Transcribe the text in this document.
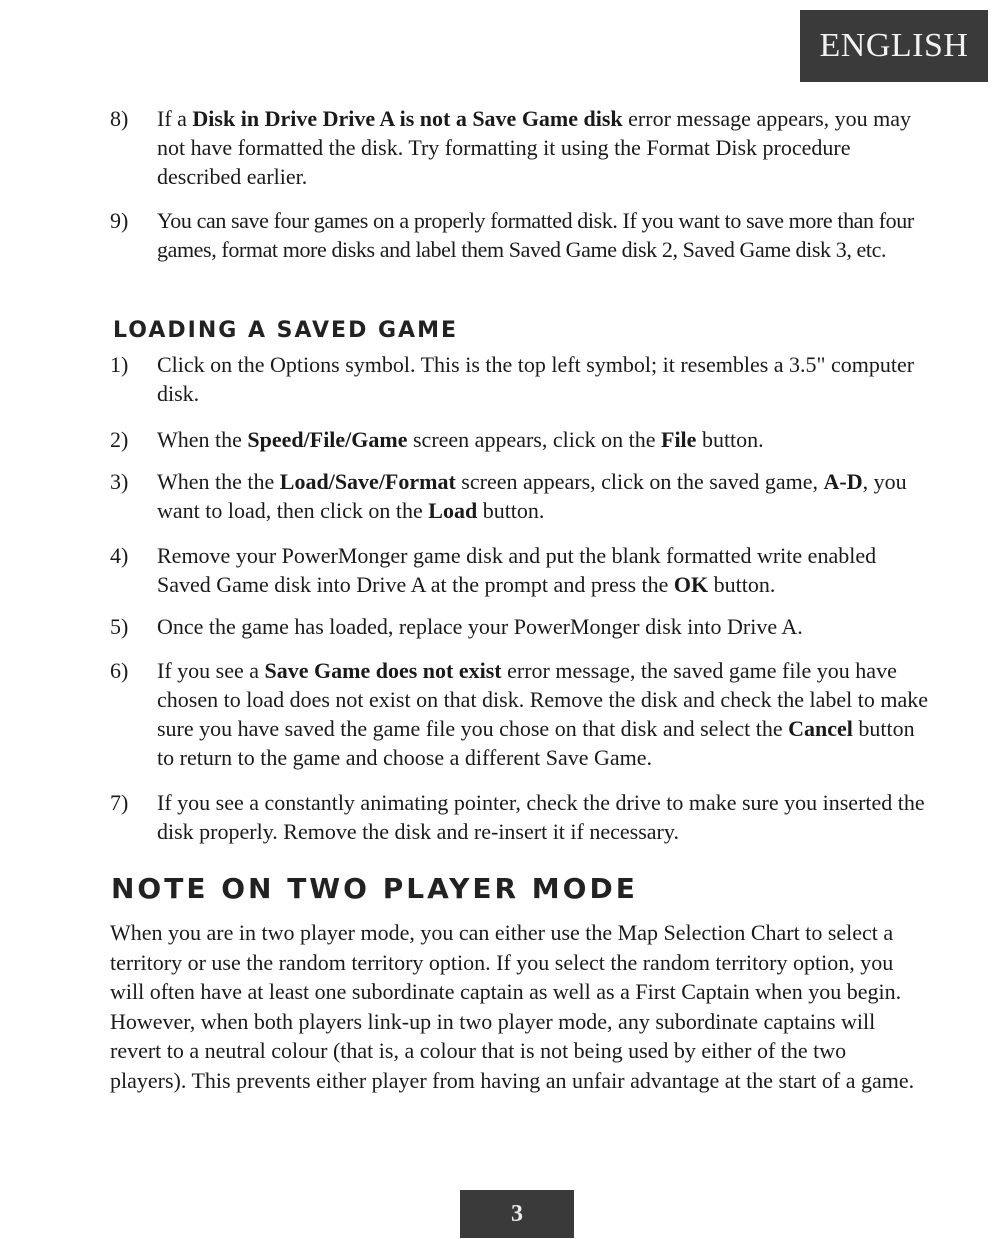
ENGLISH
8)	If a Disk in Drive Drive A is not a Save Game disk error message appears, you may not have formatted the disk. Try formatting it using the Format Disk procedure described earlier.
9)	You can save four games on a properly formatted disk. If you want to save more than four games, format more disks and label them Saved Game disk 2, Saved Game disk 3, etc.
LOADING A SAVED GAME
1)	Click on the Options symbol. This is the top left symbol; it resembles a 3.5" computer disk.
2)	When the Speed/File/Game screen appears, click on the File button.
3)	When the the Load/Save/Format screen appears, click on the saved game, A-D, you want to load, then click on the Load button.
4)	Remove your PowerMonger game disk and put the blank formatted write enabled Saved Game disk into Drive A at the prompt and press the OK button.
5)	Once the game has loaded, replace your PowerMonger disk into Drive A.
6)	If you see a Save Game does not exist error message, the saved game file you have chosen to load does not exist on that disk. Remove the disk and check the label to make sure you have saved the game file you chose on that disk and select the Cancel button to return to the game and choose a different Save Game.
7)	If you see a constantly animating pointer, check the drive to make sure you inserted the disk properly. Remove the disk and re-insert it if necessary.
NOTE ON TWO PLAYER MODE
When you are in two player mode, you can either use the Map Selection Chart to select a territory or use the random territory option. If you select the random territory option, you will often have at least one subordinate captain as well as a First Captain when you begin. However, when both players link-up in two player mode, any subordinate captains will revert to a neutral colour (that is, a colour that is not being used by either of the two players). This prevents either player from having an unfair advantage at the start of a game.
3
